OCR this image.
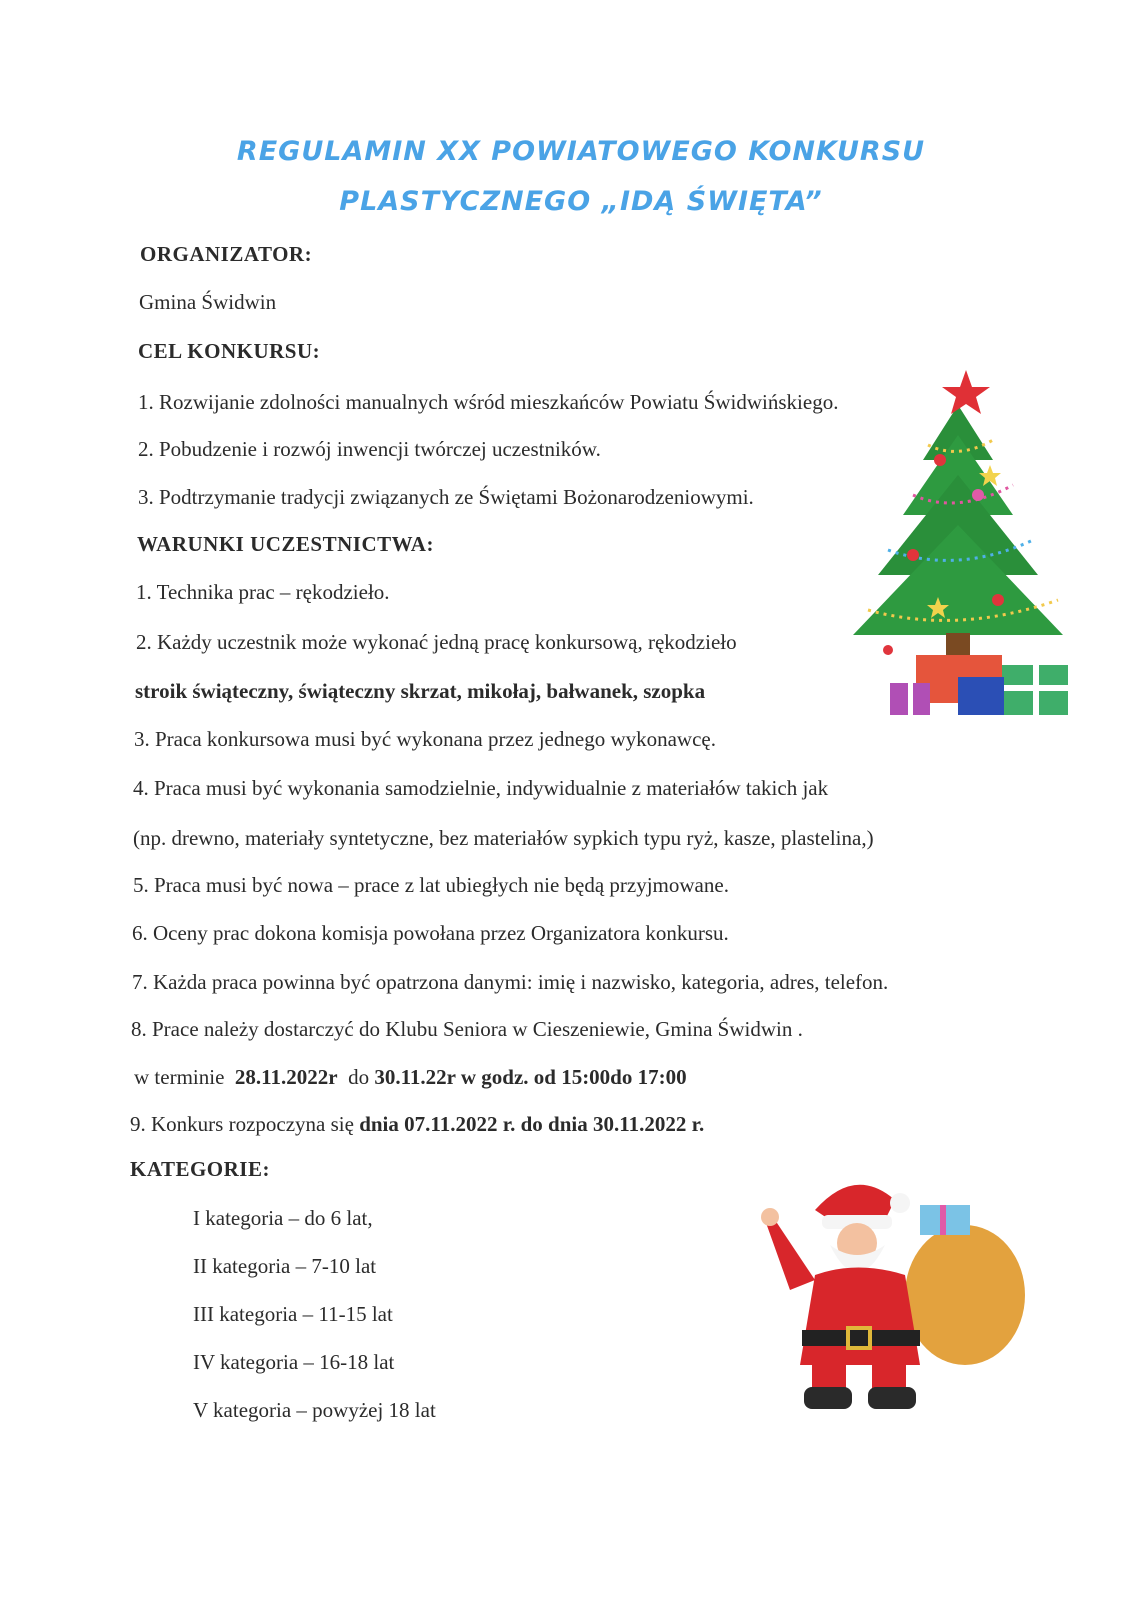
REGULAMIN XX POWIATOWEGO KONKURSU
PLASTYCZNEGO „IDĄ ŚWIĘTA”

ORGANIZATOR:

Gmina Świdwin

CEL KONKURSU:

1. Rozwijanie zdolności manualnych wśród mieszkańców Powiatu Świdwińskiego.

2. Pobudzenie i rozwój inwencji twórczej uczestników.

3. Podtrzymanie tradycji związanych ze Świętami Bożonarodzeniowymi.

WARUNKI UCZESTNICTWA:

1. Technika prac – rękodzieło.

2. Każdy uczestnik może wykonać jedną pracę konkursową, rękodzieło

stroik świąteczny, świąteczny skrzat, mikołaj, bałwanek, szopka

3. Praca konkursowa musi być wykonana przez jednego wykonawcę.

4. Praca musi być wykonania samodzielnie, indywidualnie z materiałów takich jak

(np. drewno, materiały syntetyczne, bez materiałów sypkich typu ryż, kasze, plastelina,)

5. Praca musi być nowa – prace z lat ubiegłych nie będą przyjmowane.

6. Oceny prac dokona komisja powołana przez Organizatora konkursu.

7. Każda praca powinna być opatrzona danymi: imię i nazwisko, kategoria, adres, telefon.

8. Prace należy dostarczyć do Klubu Seniora w Cieszeniewie, Gmina Świdwin .

w terminie 28.11.2022r do 30.11.22r w godz. od 15:00do 17:00

9. Konkurs rozpoczyna się dnia 07.11.2022 r. do dnia 30.11.2022 r.

KATEGORIE:

I kategoria – do 6 lat,

II kategoria – 7-10 lat

III kategoria – 11-15 lat

IV kategoria – 16-18 lat

V kategoria – powyżej 18 lat
